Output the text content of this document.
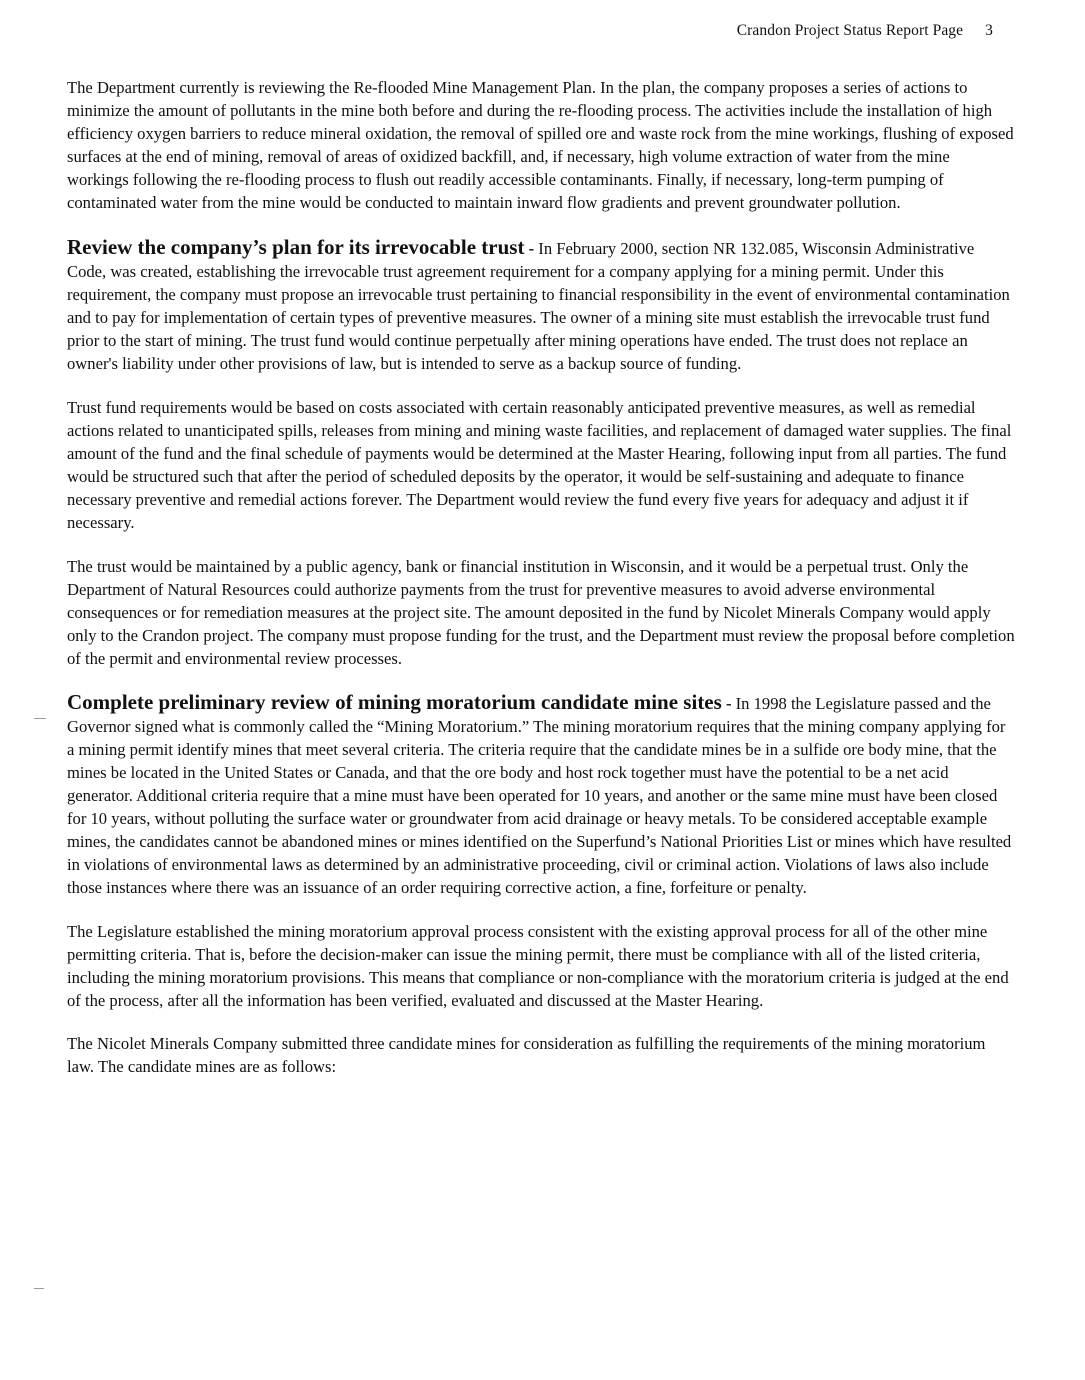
Crandon Project Status Report Page 3

The Department currently is reviewing the Re-flooded Mine Management Plan. In the plan, the company proposes a series of actions to minimize the amount of pollutants in the mine both before and during the re-flooding process. The activities include the installation of high efficiency oxygen barriers to reduce mineral oxidation, the removal of spilled ore and waste rock from the mine workings, flushing of exposed surfaces at the end of mining, removal of areas of oxidized backfill, and, if necessary, high volume extraction of water from the mine workings following the re-flooding process to flush out readily accessible contaminants. Finally, if necessary, long-term pumping of contaminated water from the mine would be conducted to maintain inward flow gradients and prevent groundwater pollution.

Review the company’s plan for its irrevocable trust - In February 2000, section NR 132.085, Wisconsin Administrative Code, was created, establishing the irrevocable trust agreement requirement for a company applying for a mining permit. Under this requirement, the company must propose an irrevocable trust pertaining to financial responsibility in the event of environmental contamination and to pay for implementation of certain types of preventive measures. The owner of a mining site must establish the irrevocable trust fund prior to the start of mining. The trust fund would continue perpetually after mining operations have ended. The trust does not replace an owner's liability under other provisions of law, but is intended to serve as a backup source of funding.

Trust fund requirements would be based on costs associated with certain reasonably anticipated preventive measures, as well as remedial actions related to unanticipated spills, releases from mining and mining waste facilities, and replacement of damaged water supplies. The final amount of the fund and the final schedule of payments would be determined at the Master Hearing, following input from all parties. The fund would be structured such that after the period of scheduled deposits by the operator, it would be self-sustaining and adequate to finance necessary preventive and remedial actions forever. The Department would review the fund every five years for adequacy and adjust it if necessary.

The trust would be maintained by a public agency, bank or financial institution in Wisconsin, and it would be a perpetual trust. Only the Department of Natural Resources could authorize payments from the trust for preventive measures to avoid adverse environmental consequences or for remediation measures at the project site. The amount deposited in the fund by Nicolet Minerals Company would apply only to the Crandon project. The company must propose funding for the trust, and the Department must review the proposal before completion of the permit and environmental review processes.

Complete preliminary review of mining moratorium candidate mine sites - In 1998 the Legislature passed and the Governor signed what is commonly called the “Mining Moratorium.” The mining moratorium requires that the mining company applying for a mining permit identify mines that meet several criteria. The criteria require that the candidate mines be in a sulfide ore body mine, that the mines be located in the United States or Canada, and that the ore body and host rock together must have the potential to be a net acid generator. Additional criteria require that a mine must have been operated for 10 years, and another or the same mine must have been closed for 10 years, without polluting the surface water or groundwater from acid drainage or heavy metals. To be considered acceptable example mines, the candidates cannot be abandoned mines or mines identified on the Superfund’s National Priorities List or mines which have resulted in violations of environmental laws as determined by an administrative proceeding, civil or criminal action. Violations of laws also include those instances where there was an issuance of an order requiring corrective action, a fine, forfeiture or penalty.

The Legislature established the mining moratorium approval process consistent with the existing approval process for all of the other mine permitting criteria. That is, before the decision-maker can issue the mining permit, there must be compliance with all of the listed criteria, including the mining moratorium provisions. This means that compliance or non-compliance with the moratorium criteria is judged at the end of the process, after all the information has been verified, evaluated and discussed at the Master Hearing.

The Nicolet Minerals Company submitted three candidate mines for consideration as fulfilling the requirements of the mining moratorium law. The candidate mines are as follows:
